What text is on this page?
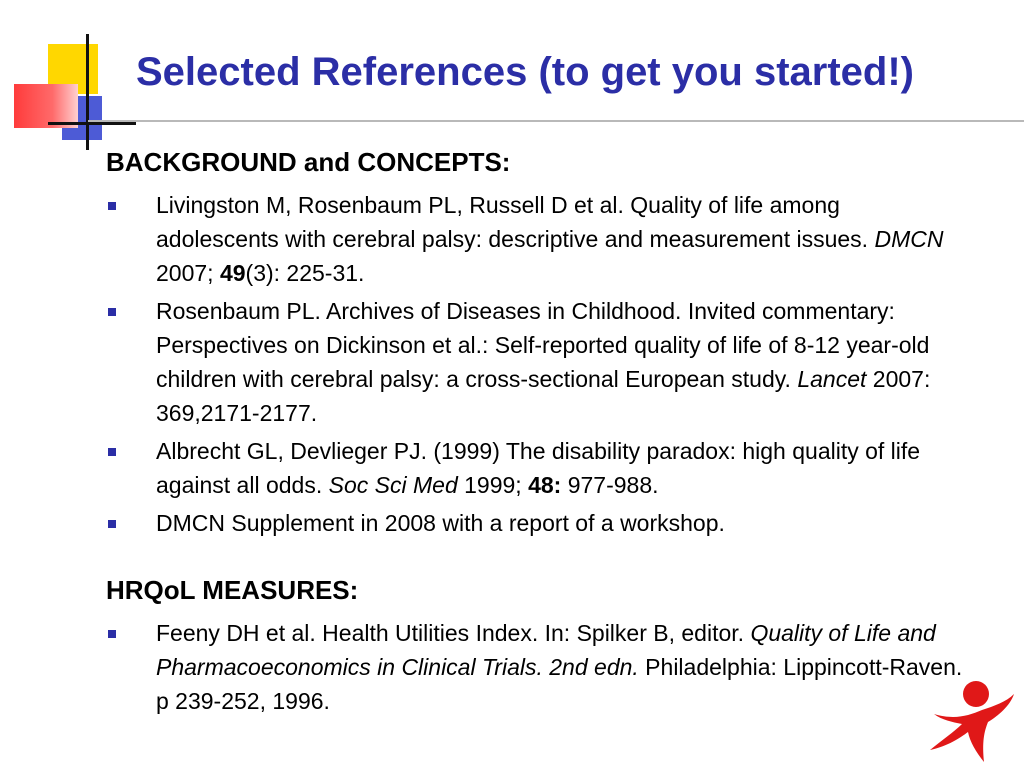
Selected References (to get you started!)
BACKGROUND and CONCEPTS:
Livingston M, Rosenbaum PL, Russell D et al. Quality of life among adolescents with cerebral palsy: descriptive and measurement issues. DMCN 2007; 49(3): 225-31.
Rosenbaum PL. Archives of Diseases in Childhood. Invited commentary: Perspectives on Dickinson et al.: Self-reported quality of life of 8-12 year-old children with cerebral palsy: a cross-sectional European study. Lancet 2007: 369,2171-2177.
Albrecht GL, Devlieger PJ. (1999) The disability paradox: high quality of life against all odds. Soc Sci Med 1999; 48: 977-988.
DMCN Supplement in 2008 with a report of a workshop.
HRQoL MEASURES:
Feeny DH et al. Health Utilities Index. In: Spilker B, editor. Quality of Life and Pharmacoeconomics in Clinical Trials. 2nd edn. Philadelphia: Lippincott-Raven. p 239-252, 1996.
